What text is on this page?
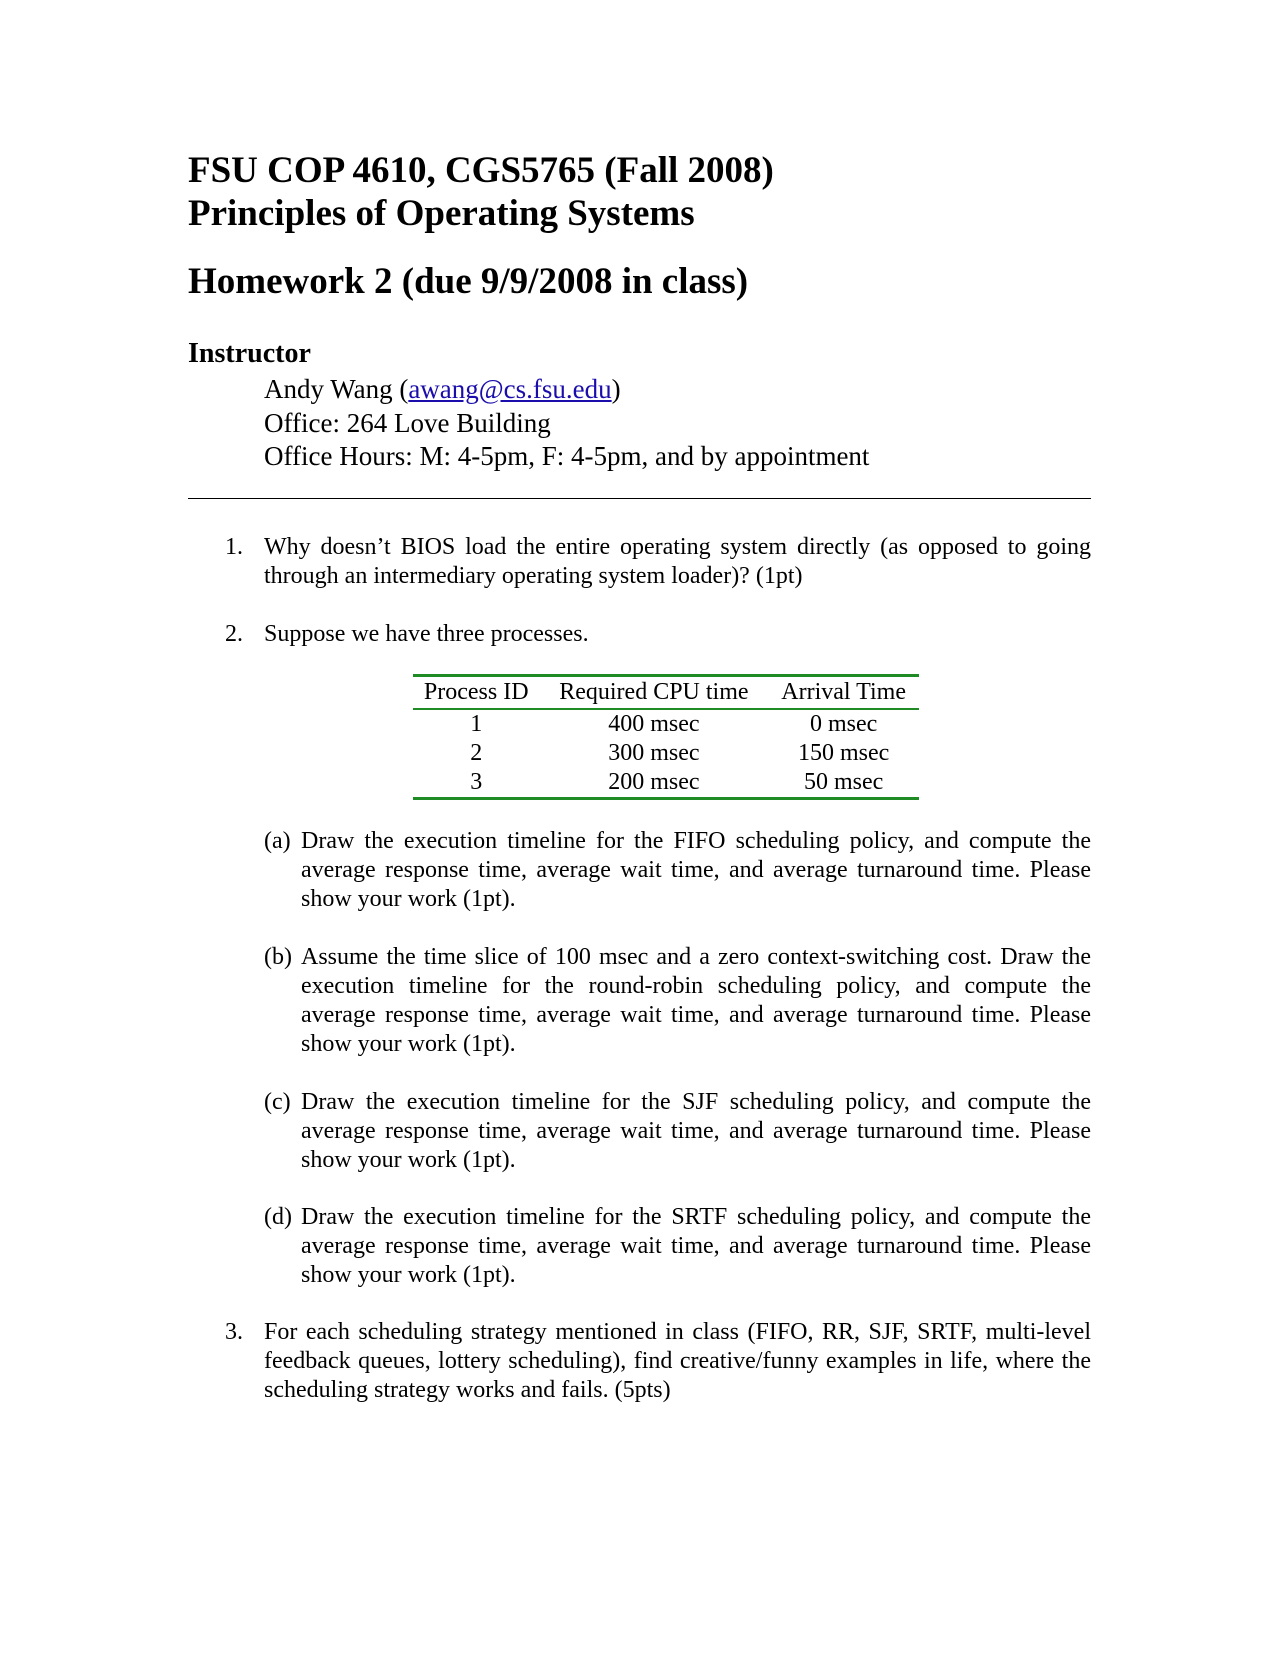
FSU COP 4610, CGS5765 (Fall 2008)
Principles of Operating Systems
Homework 2 (due 9/9/2008 in class)
Instructor
Andy Wang (awang@cs.fsu.edu)
Office: 264 Love Building
Office Hours: M: 4-5pm, F: 4-5pm, and by appointment
1. Why doesn’t BIOS load the entire operating system directly (as opposed to going through an intermediary operating system loader)? (1pt)
2. Suppose we have three processes.
Process ID	Required CPU time	Arrival Time
1	400 msec	0 msec
2	300 msec	150 msec
3	200 msec	50 msec
(a) Draw the execution timeline for the FIFO scheduling policy, and compute the average response time, average wait time, and average turnaround time. Please show your work (1pt).
(b) Assume the time slice of 100 msec and a zero context-switching cost. Draw the execution timeline for the round-robin scheduling policy, and compute the average response time, average wait time, and average turnaround time. Please show your work (1pt).
(c) Draw the execution timeline for the SJF scheduling policy, and compute the average response time, average wait time, and average turnaround time. Please show your work (1pt).
(d) Draw the execution timeline for the SRTF scheduling policy, and compute the average response time, average wait time, and average turnaround time. Please show your work (1pt).
3. For each scheduling strategy mentioned in class (FIFO, RR, SJF, SRTF, multi-level feedback queues, lottery scheduling), find creative/funny examples in life, where the scheduling strategy works and fails. (5pts)
